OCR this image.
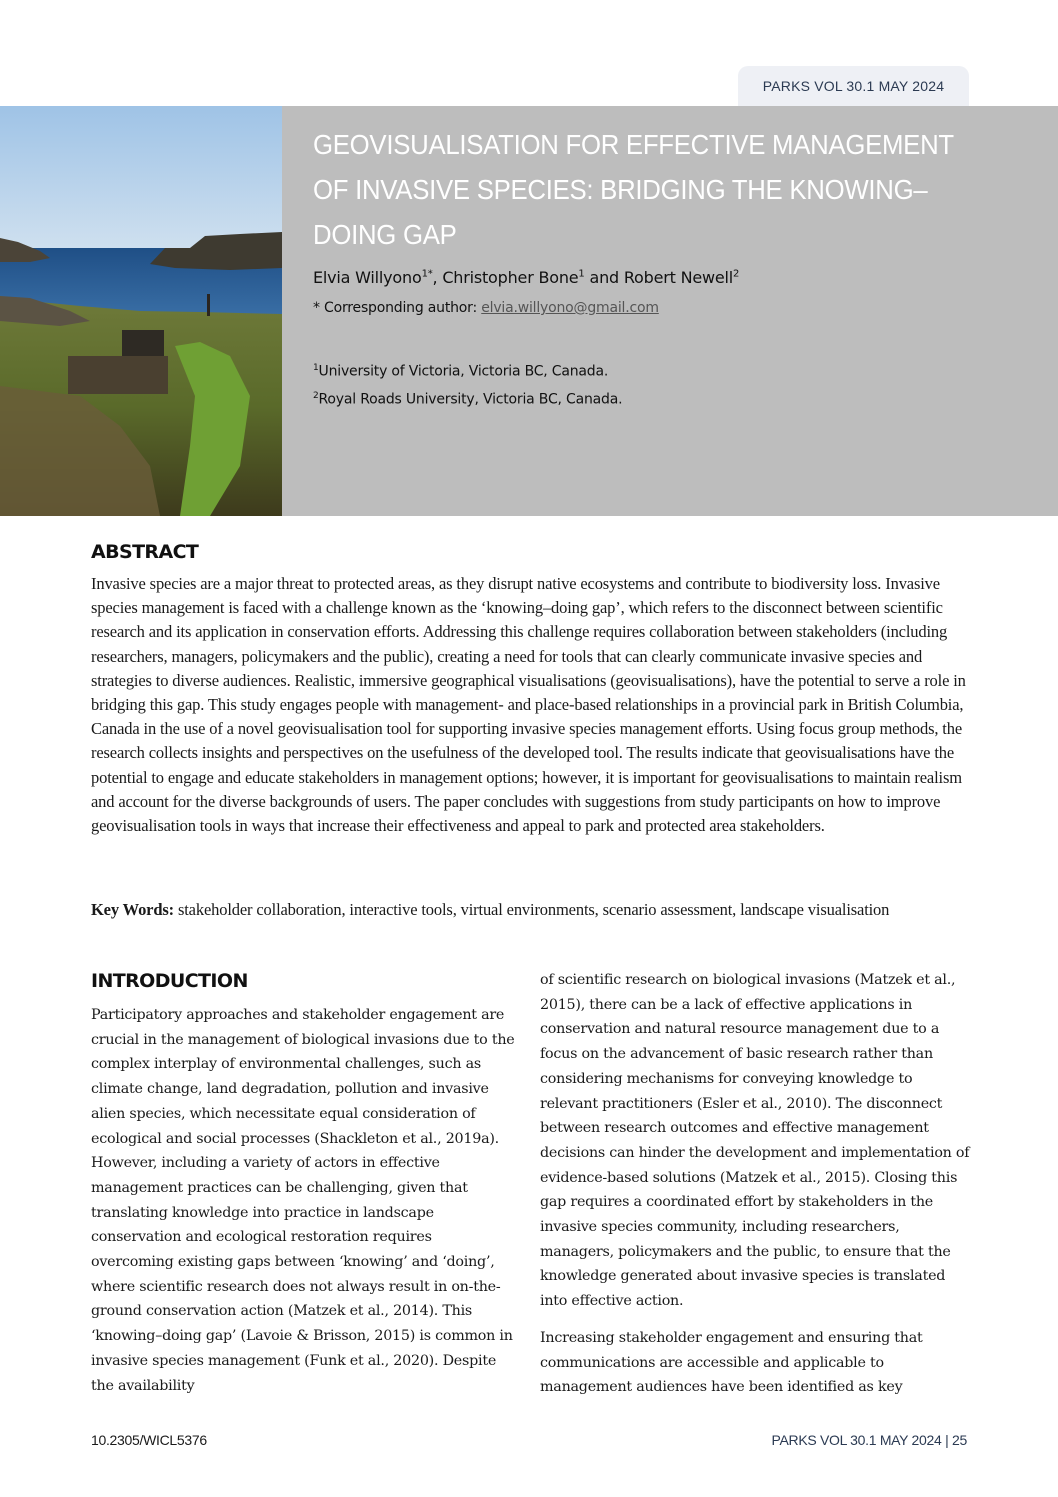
PARKS VOL 30.1 MAY 2024
GEOVISUALISATION FOR EFFECTIVE MANAGEMENT OF INVASIVE SPECIES: BRIDGING THE KNOWING–DOING GAP

Elvia Willyono$^{1*}$, Christopher Bone$^1$ and Robert Newell$^2$

* Corresponding author: elvia.willyono@gmail.com

$^1$University of Victoria, Victoria BC, Canada.
$^2$Royal Roads University, Victoria BC, Canada.

ABSTRACT

Invasive species are a major threat to protected areas, as they disrupt native ecosystems and contribute to biodiversity loss. Invasive species management is faced with a challenge known as the ‘knowing–doing gap’, which refers to the disconnect between scientific research and its application in conservation efforts. Addressing this challenge requires collaboration between stakeholders (including researchers, managers, policymakers and the public), creating a need for tools that can clearly communicate invasive species and strategies to diverse audiences. Realistic, immersive geographical visualisations (geovisualisations), have the potential to serve a role in bridging this gap. This study engages people with management- and place-based relationships in a provincial park in British Columbia, Canada in the use of a novel geovisualisation tool for supporting invasive species management efforts. Using focus group methods, the research collects insights and perspectives on the usefulness of the developed tool. The results indicate that geovisualisations have the potential to engage and educate stakeholders in management options; however, it is important for geovisualisations to maintain realism and account for the diverse backgrounds of users. The paper concludes with suggestions from study participants on how to improve geovisualisation tools in ways that increase their effectiveness and appeal to park and protected area stakeholders.

Key Words: stakeholder collaboration, interactive tools, virtual environments, scenario assessment, landscape visualisation

INTRODUCTION

Participatory approaches and stakeholder engagement are crucial in the management of biological invasions due to the complex interplay of environmental challenges, such as climate change, land degradation, pollution and invasive alien species, which necessitate equal consideration of ecological and social processes (Shackleton et al., 2019a). However, including a variety of actors in effective management practices can be challenging, given that translating knowledge into practice in landscape conservation and ecological restoration requires overcoming existing gaps between ‘knowing’ and ‘doing’, where scientific research does not always result in on-the-ground conservation action (Matzek et al., 2014). This ‘knowing–doing gap’ (Lavoie & Brisson, 2015) is common in invasive species management (Funk et al., 2020). Despite the availability

of scientific research on biological invasions (Matzek et al., 2015), there can be a lack of effective applications in conservation and natural resource management due to a focus on the advancement of basic research rather than considering mechanisms for conveying knowledge to relevant practitioners (Esler et al., 2010). The disconnect between research outcomes and effective management decisions can hinder the development and implementation of evidence-based solutions (Matzek et al., 2015). Closing this gap requires a coordinated effort by stakeholders in the invasive species community, including researchers, managers, policymakers and the public, to ensure that the knowledge generated about invasive species is translated into effective action.

Increasing stakeholder engagement and ensuring that communications are accessible and applicable to management audiences have been identified as key

10.2305/WICL5376	PARKS VOL 30.1 MAY 2024 | 25
